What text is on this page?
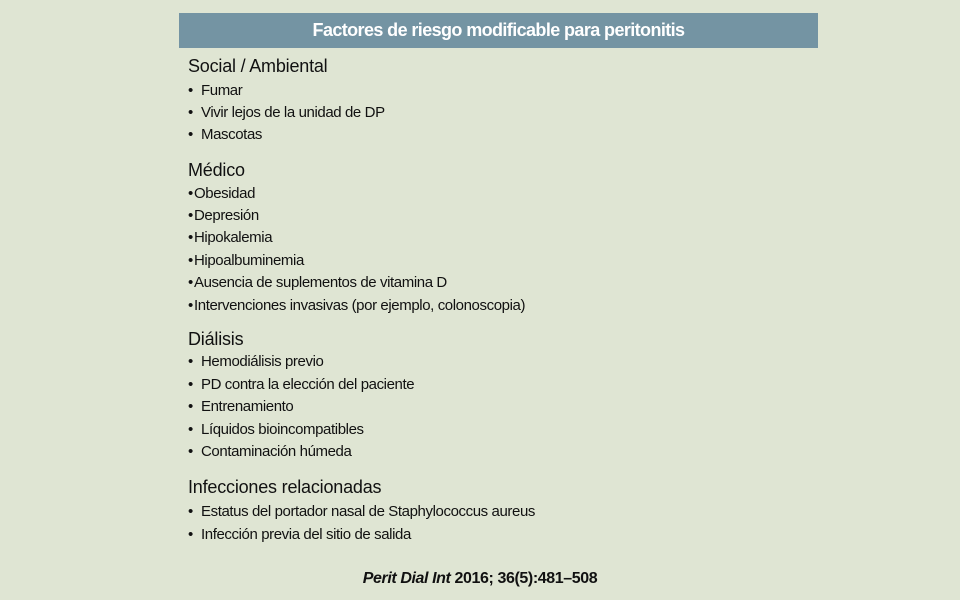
Factores de riesgo modificable para peritonitis
Social / Ambiental
• Fumar
• Vivir lejos de la unidad de DP
• Mascotas
Médico
•Obesidad
•Depresión
•Hipokalemia
•Hipoalbuminemia
•Ausencia de suplementos de vitamina D
•Intervenciones invasivas (por ejemplo, colonoscopia)
Diálisis
• Hemodiálisis previo
• PD contra la elección del paciente
• Entrenamiento
• Líquidos bioincompatibles
• Contaminación húmeda
Infecciones relacionadas
• Estatus del portador nasal de Staphylococcus aureus
• Infección previa del sitio de salida
Perit Dial Int 2016; 36(5):481–508
